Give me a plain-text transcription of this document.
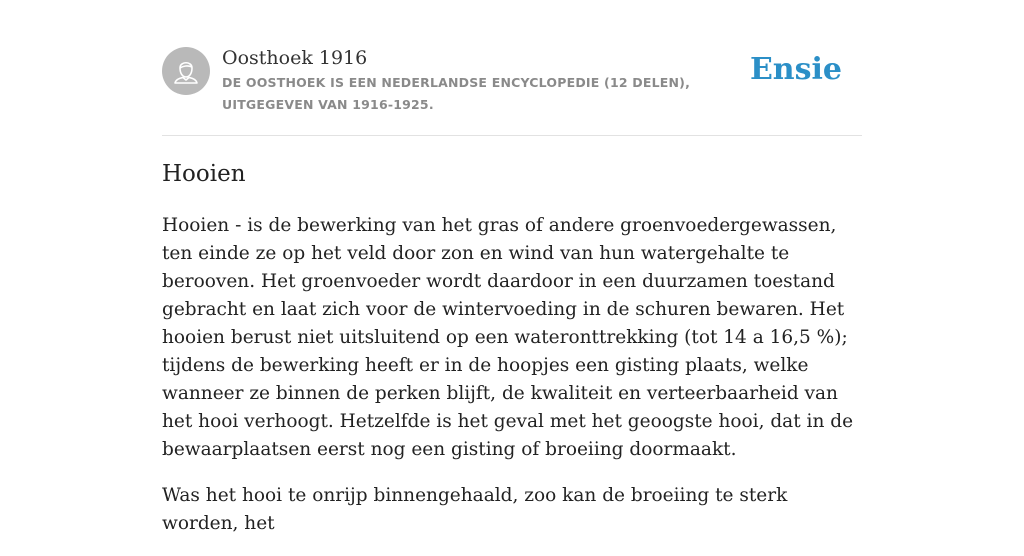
Oosthoek 1916

DE OOSTHOEK IS EEN NEDERLANDSE ENCYCLOPEDIE (12 DELEN), UITGEGEVEN VAN 1916-1925.

Ensie
Hooien

Hooien - is de bewerking van het gras of andere groenvoedergewassen, ten einde ze op het veld door zon en wind van hun watergehalte te berooven. Het groenvoeder wordt daardoor in een duurzamen toestand gebracht en laat zich voor de wintervoeding in de schuren bewaren. Het hooien berust niet uitsluitend op een wateronttrekking (tot 14 a 16,5 %); tijdens de bewerking heeft er in de hoopjes een gisting plaats, welke wanneer ze binnen de perken blijft, de kwaliteit en verteerbaarheid van het hooi verhoogt. Hetzelfde is het geval met het geoogste hooi, dat in de bewaarplaatsen eerst nog een gisting of broeiing doormaakt.

Was het hooi te onrijp binnengehaald, zoo kan de broeiing te sterk worden, het
